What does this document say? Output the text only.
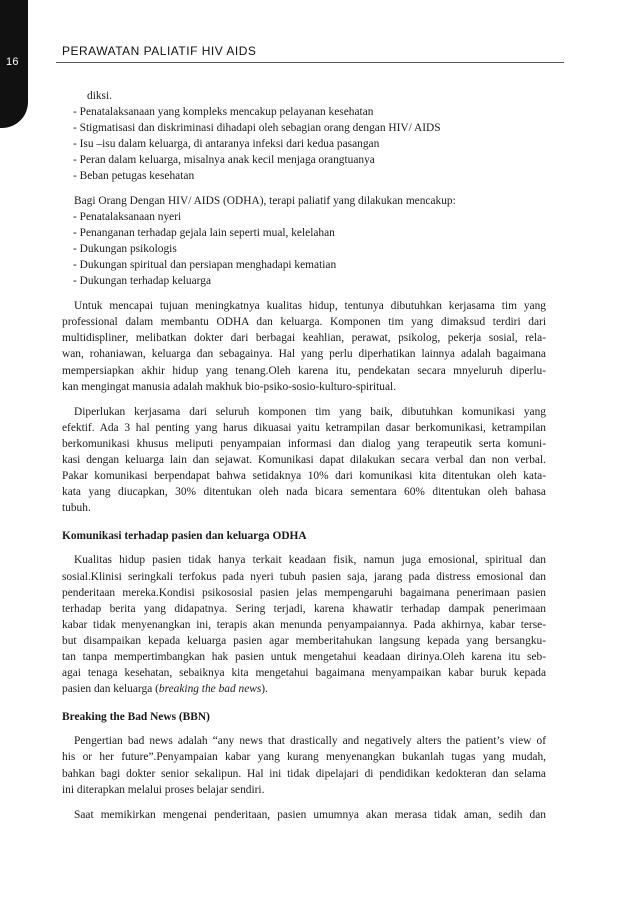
16
PERAWATAN PALIATIF HIV AIDS
diksi.
- Penatalaksanaan yang kompleks mencakup pelayanan kesehatan
- Stigmatisasi dan diskriminasi dihadapi oleh sebagian orang dengan HIV/ AIDS
- Isu –isu dalam keluarga, di antaranya infeksi dari kedua pasangan
- Peran dalam keluarga, misalnya anak kecil menjaga orangtuanya
- Beban petugas kesehatan
Bagi Orang Dengan HIV/ AIDS (ODHA), terapi paliatif yang dilakukan mencakup:
- Penatalaksanaan nyeri
- Penanganan terhadap gejala lain seperti mual, kelelahan
- Dukungan psikologis
- Dukungan spiritual dan persiapan menghadapi kematian
- Dukungan terhadap keluarga
Untuk mencapai tujuan meningkatnya kualitas hidup, tentunya dibutuhkan kerjasama tim yang
professional dalam membantu ODHA dan keluarga. Komponen tim yang dimaksud terdiri dari
multidispliner, melibatkan dokter dari berbagai keahlian, perawat, psikolog, pekerja sosial, rela-
wan, rohaniawan, keluarga dan sebagainya. Hal yang perlu diperhatikan lainnya adalah bagaimana
mempersiapkan akhir hidup yang tenang.Oleh karena itu, pendekatan secara mnyeluruh diperlu-
kan mengingat manusia adalah makhuk bio-psiko-sosio-kulturo-spiritual.
Diperlukan kerjasama dari seluruh komponen tim yang baik, dibutuhkan komunikasi yang
efektif. Ada 3 hal penting yang harus dikuasai yaitu ketrampilan dasar berkomunikasi, ketrampilan
berkomunikasi khusus meliputi penyampaian informasi dan dialog yang terapeutik serta komuni-
kasi dengan keluarga lain dan sejawat. Komunikasi dapat dilakukan secara verbal dan non verbal.
Pakar komunikasi berpendapat bahwa setidaknya 10% dari komunikasi kita ditentukan oleh kata-
kata yang diucapkan, 30% ditentukan oleh nada bicara sementara 60% ditentukan oleh bahasa
tubuh.
Komunikasi terhadap pasien dan keluarga ODHA
Kualitas hidup pasien tidak hanya terkait keadaan fisik, namun juga emosional, spiritual dan
sosial.Klinisi seringkali terfokus pada nyeri tubuh pasien saja, jarang pada distress emosional dan
penderitaan mereka.Kondisi psikososial pasien jelas mempengaruhi bagaimana penerimaan pasien
terhadap berita yang didapatnya. Sering terjadi, karena khawatir terhadap dampak penerimaan
kabar tidak menyenangkan ini, terapis akan menunda penyampaiannya. Pada akhirnya, kabar terse-
but disampaikan kepada keluarga pasien agar memberitahukan langsung kepada yang bersangku-
tan tanpa mempertimbangkan hak pasien untuk mengetahui keadaan dirinya.Oleh karena itu seb-
agai tenaga kesehatan, sebaiknya kita mengetahui bagaimana menyampaikan kabar buruk kepada
pasien dan keluarga (breaking the bad news).
Breaking the Bad News (BBN)
Pengertian bad news adalah “any news that drastically and negatively alters the patient’s view of
his or her future”.Penyampaian kabar yang kurang menyenangkan bukanlah tugas yang mudah,
bahkan bagi dokter senior sekalipun. Hal ini tidak dipelajari di pendidikan kedokteran dan selama
ini diterapkan melalui proses belajar sendiri.
Saat memikirkan mengenai penderitaan, pasien umumnya akan merasa tidak aman, sedih dan
